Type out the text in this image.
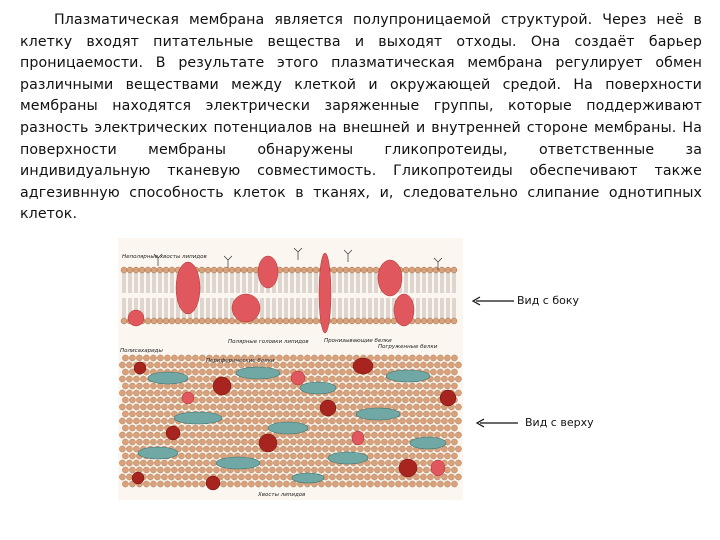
Плазматическая мембрана является полупроницаемой структурой. Через неё в клетку входят питательные вещества и выходят отходы. Она создаёт барьер проницаемости. В результате этого плазматическая мембрана регулирует обмен различными веществами между клеткой и окружающей средой. На поверхности мембраны находятся электрически заряженные группы, которые поддерживают разность электрических потенциалов на внешней и внутренней стороне мембраны. На поверхности мембраны обнаружены гликопротеиды, ответственные за индивидуальную тканевую совместимость. Гликопротеиды обеспечивают также адгезивнную способность клеток в тканях, и, следовательно слипание однотипных клеток.

Неполярные хвосты липидов
Полисахариды
Полярные головки липидов
Периферические белки
Пронизывающие белки
Погруженные белки
Хвосты липидов
Вид с боку
Вид с верху
